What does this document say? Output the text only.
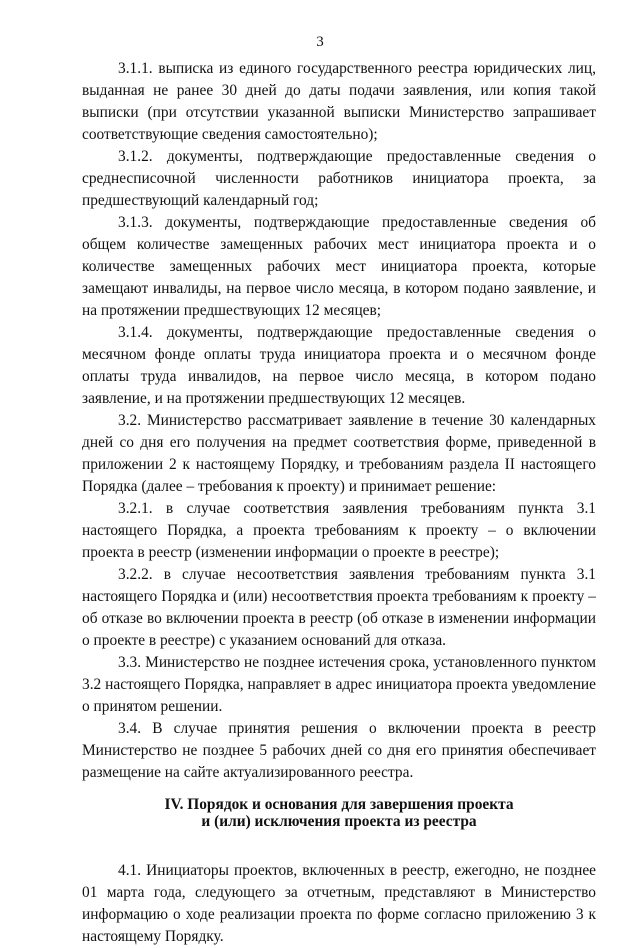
3

3.1.1. выписка из единого государственного реестра юридических лиц, выданная не ранее 30 дней до даты подачи заявления, или копия такой выписки (при отсутствии указанной выписки Министерство запрашивает соответствующие сведения самостоятельно);

3.1.2. документы, подтверждающие предоставленные сведения о среднесписочной численности работников инициатора проекта, за предшествующий календарный год;

3.1.3. документы, подтверждающие предоставленные сведения об общем количестве замещенных рабочих мест инициатора проекта и о количестве замещенных рабочих мест инициатора проекта, которые замещают инвалиды, на первое число месяца, в котором подано заявление, и на протяжении предшествующих 12 месяцев;

3.1.4. документы, подтверждающие предоставленные сведения о месячном фонде оплаты труда инициатора проекта и о месячном фонде оплаты труда инвалидов, на первое число месяца, в котором подано заявление, и на протяжении предшествующих 12 месяцев.

3.2. Министерство рассматривает заявление в течение 30 календарных дней со дня его получения на предмет соответствия форме, приведенной в приложении 2 к настоящему Порядку, и требованиям раздела II настоящего Порядка (далее – требования к проекту) и принимает решение:

3.2.1. в случае соответствия заявления требованиям пункта 3.1 настоящего Порядка, а проекта требованиям к проекту – о включении проекта в реестр (изменении информации о проекте в реестре);

3.2.2. в случае несоответствия заявления требованиям пункта 3.1 настоящего Порядка и (или) несоответствия проекта требованиям к проекту – об отказе во включении проекта в реестр (об отказе в изменении информации о проекте в реестре) с указанием оснований для отказа.

3.3. Министерство не позднее истечения срока, установленного пунктом 3.2 настоящего Порядка, направляет в адрес инициатора проекта уведомление о принятом решении.

3.4. В случае принятия решения о включении проекта в реестр Министерство не позднее 5 рабочих дней со дня его принятия обеспечивает размещение на сайте актуализированного реестра.

IV. Порядок и основания для завершения проекта
и (или) исключения проекта из реестра

4.1. Инициаторы проектов, включенных в реестр, ежегодно, не позднее 01 марта года, следующего за отчетным, представляют в Министерство информацию о ходе реализации проекта по форме согласно приложению 3 к настоящему Порядку.
